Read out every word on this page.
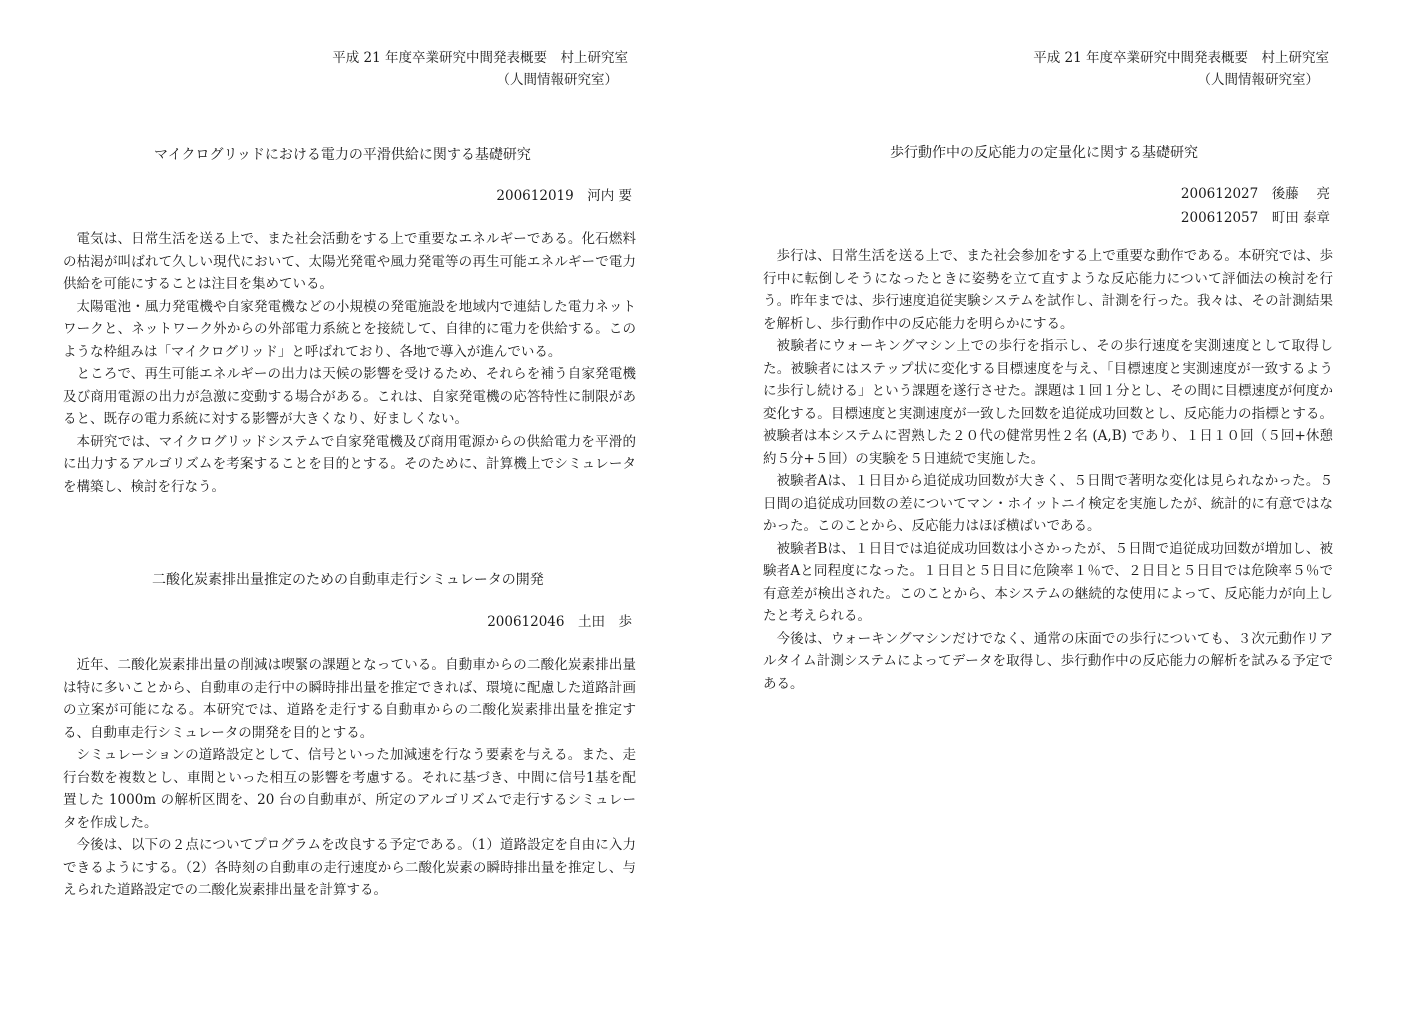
平成 21 年度卒業研究中間発表概要　村上研究室
（人間情報研究室）
マイクログリッドにおける電力の平滑供給に関する基礎研究
200612019　河内 要

電気は、日常生活を送る上で、また社会活動をする上で重要なエネルギーである。化石燃料の枯渇が叫ばれて久しい現代において、太陽光発電や風力発電等の再生可能エネルギーで電力供給を可能にすることは注目を集めている。

太陽電池・風力発電機や自家発電機などの小規模の発電施設を地域内で連結した電力ネットワークと、ネットワーク外からの外部電力系統とを接続して、自律的に電力を供給する。このような枠組みは「マイクログリッド」と呼ばれており、各地で導入が進んでいる。

ところで、再生可能エネルギーの出力は天候の影響を受けるため、それらを補う自家発電機及び商用電源の出力が急激に変動する場合がある。これは、自家発電機の応答特性に制限があると、既存の電力系統に対する影響が大きくなり、好ましくない。

本研究では、マイクログリッドシステムで自家発電機及び商用電源からの供給電力を平滑的に出力するアルゴリズムを考案することを目的とする。そのために、計算機上でシミュレータを構築し、検討を行なう。

二酸化炭素排出量推定のための自動車走行シミュレータの開発
200612046　土田　歩

近年、二酸化炭素排出量の削減は喫緊の課題となっている。自動車からの二酸化炭素排出量は特に多いことから、自動車の走行中の瞬時排出量を推定できれば、環境に配慮した道路計画の立案が可能になる。本研究では、道路を走行する自動車からの二酸化炭素排出量を推定する、自動車走行シミュレータの開発を目的とする。

シミュレーションの道路設定として、信号といった加減速を行なう要素を与える。また、走行台数を複数とし、車間といった相互の影響を考慮する。それに基づき、中間に信号1基を配置した 1000m の解析区間を、20 台の自動車が、所定のアルゴリズムで走行するシミュレータを作成した。

今後は、以下の２点についてプログラムを改良する予定である。（1）道路設定を自由に入力できるようにする。（2）各時刻の自動車の走行速度から二酸化炭素の瞬時排出量を推定し、与えられた道路設定での二酸化炭素排出量を計算する。

平成 21 年度卒業研究中間発表概要　村上研究室
（人間情報研究室）
歩行動作中の反応能力の定量化に関する基礎研究
200612027　後藤　 亮
200612057　町田 泰章

歩行は、日常生活を送る上で、また社会参加をする上で重要な動作である。本研究では、歩行中に転倒しそうになったときに姿勢を立て直すような反応能力について評価法の検討を行う。昨年までは、歩行速度追従実験システムを試作し、計測を行った。我々は、その計測結果を解析し、歩行動作中の反応能力を明らかにする。

被験者にウォーキングマシン上での歩行を指示し、その歩行速度を実測速度として取得した。被験者にはステップ状に変化する目標速度を与え、「目標速度と実測速度が一致するように歩行し続ける」という課題を遂行させた。課題は１回１分とし、その間に目標速度が何度か変化する。目標速度と実測速度が一致した回数を追従成功回数とし、反応能力の指標とする。被験者は本システムに習熟した２０代の健常男性２名 (A,B) であり、１日１０回（５回+休憩約５分+５回）の実験を５日連続で実施した。

被験者Aは、１日目から追従成功回数が大きく、５日間で著明な変化は見られなかった。５日間の追従成功回数の差についてマン・ホイットニイ検定を実施したが、統計的に有意ではなかった。このことから、反応能力はほぼ横ばいである。

被験者Bは、１日目では追従成功回数は小さかったが、５日間で追従成功回数が増加し、被験者Aと同程度になった。１日目と５日目に危険率１％で、２日目と５日目では危険率５％で有意差が検出された。このことから、本システムの継続的な使用によって、反応能力が向上したと考えられる。

今後は、ウォーキングマシンだけでなく、通常の床面での歩行についても、３次元動作リアルタイム計測システムによってデータを取得し、歩行動作中の反応能力の解析を試みる予定である。
